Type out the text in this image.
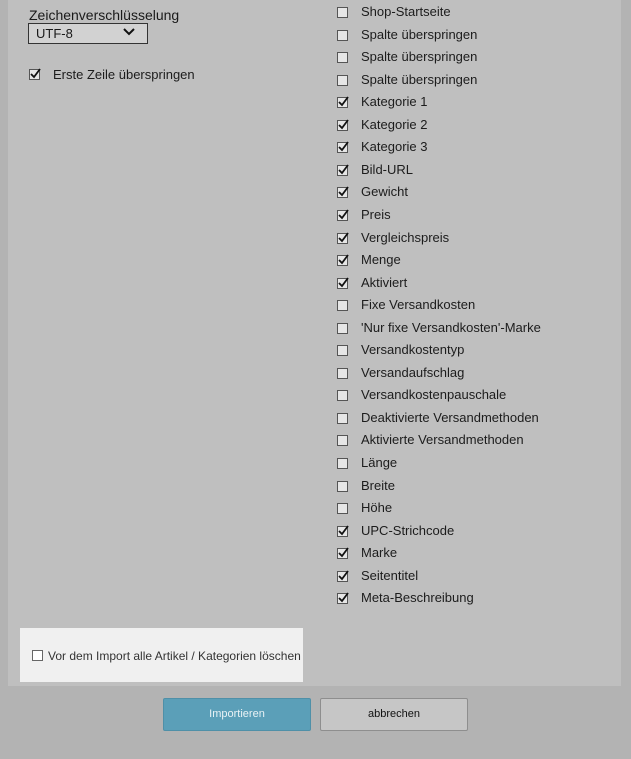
Zeichenverschlüsselung
UTF-8
Erste Zeile überspringen
Shop-Startseite
Spalte überspringen
Spalte überspringen
Spalte überspringen
Kategorie 1
Kategorie 2
Kategorie 3
Bild-URL
Gewicht
Preis
Vergleichspreis
Menge
Aktiviert
Fixe Versandkosten
'Nur fixe Versandkosten'-Marke
Versandkostentyp
Versandaufschlag
Versandkostenpauschale
Deaktivierte Versandmethoden
Aktivierte Versandmethoden
Länge
Breite
Höhe
UPC-Strichcode
Marke
Seitentitel
Meta-Beschreibung
Vor dem Import alle Artikel / Kategorien löschen
Importieren	abbrechen
